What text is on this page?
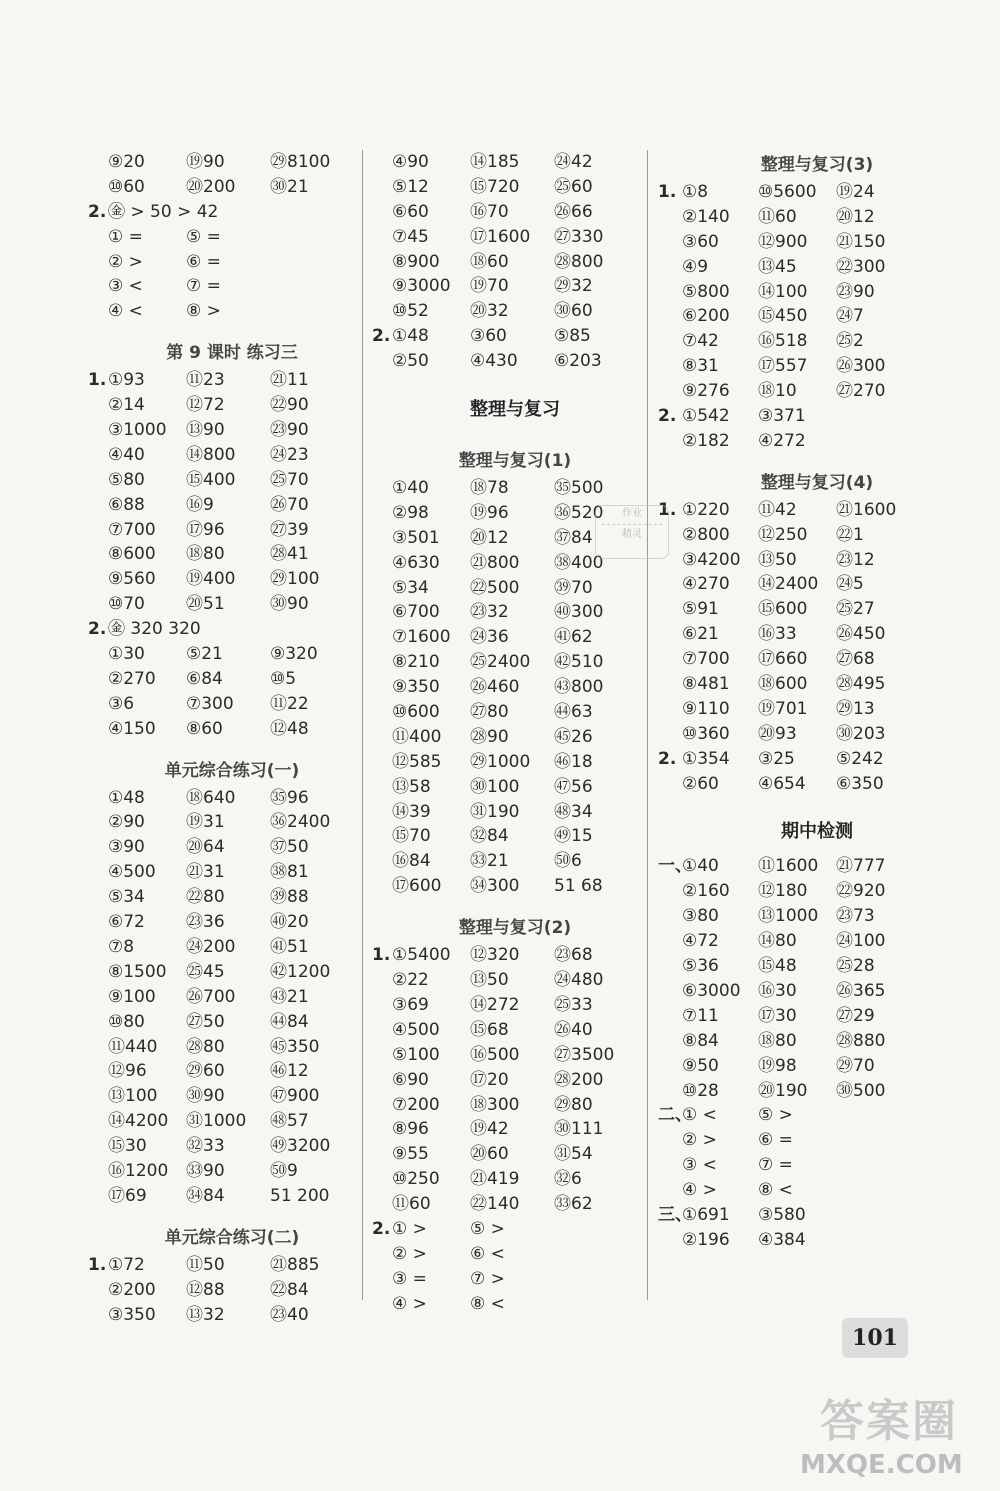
⑨20 ⑲90	㉙8100
⑩60 ⑳200 ㉚21
2. ㊎ > 50 > 42
① =	⑤ =
② >	⑥ =
③ <	⑦ =
④ <	⑧ >
第 9 课时 练习三
1. ①93 ⑪23	㉑11
②14 ⑫72	㉒90
③1000 ⑬90	㉓90
④40 ⑭800 ㉔23
⑤80 ⑮400 ㉕70
⑥88 ⑯9	㉖70
⑦700 ⑰96	㉗39
⑧600 ⑱80	㉘41
⑨560 ⑲400 ㉙100
⑩70 ⑳51	㉚90
2. ㊎ 320 320
①30 ⑤21	⑨320
②270 ⑥84	⑩5
③6	⑦300 ⑪22
④150 ⑧60	⑫48
单元综合练习(一)
①48 ⑱640 ㉟96
②90 ⑲31	㊱2400
③90 ⑳64	㊲50
④500 ㉑31	㊳81
⑤34 ㉒80	㊴88
⑥72 ㉓36	㊵20
⑦8	㉔200 ㊶51
⑧1500 ㉕45	㊷1200
⑨100 ㉖700 ㊸21
⑩80 ㉗50	㊹84
⑪440 ㉘80	㊺350
⑫96 ㉙60	㊻12
⑬100 ㉚90	㊼900
⑭4200 ㉛1000 ㊽57
⑮30 ㉜33	㊾3200
⑯1200 ㉝90	㊿9
⑰69 ㉞84	51 200
单元综合练习(二)
1. ①72 ⑪50	㉑885
②200 ⑫88	㉒84
③350 ⑬32	㉓40
④90 ⑭185 ㉔42
⑤12 ⑮720 ㉕60
⑥60 ⑯70	㉖66
⑦45 ⑰1600 ㉗330
⑧900 ⑱60	㉘800
⑨3000 ⑲70	㉙32
⑩52 ⑳32	㉚60
2. ①48 ③60	⑤85
②50 ④430 ⑥203
整理与复习
整理与复习(1)
①40 ⑱78	㉟500
②98 ⑲96	㊱520
③501 ⑳12	㊲84
④630 ㉑800 ㊳400
⑤34 ㉒500 ㊴70
⑥700 ㉓32	㊵300
⑦1600 ㉔36	㊶62
⑧210 ㉕2400 ㊷510
⑨350 ㉖460 ㊸800
⑩600 ㉗80	㊹63
⑪400 ㉘90	㊺26
⑫585 ㉙1000 ㊻18
⑬58 ㉚100 ㊼56
⑭39 ㉛190 ㊽34
⑮70 ㉜84	㊾15
⑯84 ㉝21	㊿6
⑰600 ㉞300 51 68
整理与复习(2)
1. ①5400 ⑫320 ㉓68
②22 ⑬50	㉔480
③69 ⑭272 ㉕33
④500 ⑮68	㉖40
⑤100 ⑯500 ㉗3500
⑥90 ⑰20	㉘200
⑦200 ⑱300 ㉙80
⑧96 ⑲42	㉚111
⑨55 ⑳60	㉛54
⑩250 ㉑419 ㉜6
⑪60 ㉒140 ㉝62
2. ① >	⑤ >
② >	⑥ <
③ =	⑦ >
④ >	⑧ <
整理与复习(3)
1. ①8	⑩5600 ⑲24
②140 ⑪60 ⑳12
③60 ⑫900 ㉑150
④9	⑬45 ㉒300
⑤800 ⑭100 ㉓90
⑥200 ⑮450 ㉔7
⑦42 ⑯518 ㉕2
⑧31 ⑰557 ㉖300
⑨276 ⑱10 ㉗270
2. ①542 ③371
②182 ④272
整理与复习(4)
1. ①220 ⑪42 ㉑1600
②800 ⑫250 ㉒1
③4200 ⑬50 ㉓12
④270 ⑭2400 ㉔5
⑤91 ⑮600 ㉕27
⑥21 ⑯33 ㉖450
⑦700 ⑰660 ㉗68
⑧481 ⑱600 ㉘495
⑨110 ⑲701 ㉙13
⑩360 ⑳93 ㉚203
2. ①354 ③25 ⑤242
②60 ④654 ⑥350
期中检测
一、
①40 ⑪1600 ㉑777
②160 ⑫180 ㉒920
③80 ⑬1000 ㉓73
④72 ⑭80 ㉔100
⑤36 ⑮48 ㉕28
⑥3000 ⑯30 ㉖365
⑦11 ⑰30 ㉗29
⑧84 ⑱80 ㉘880
⑨50 ⑲98 ㉙70
⑩28 ⑳190 ㉚500
二、
① < ⑤ >
② > ⑥ =
③ < ⑦ =
④ > ⑧ <
三、
①691 ③580
②196 ④384
作业
精灵
101
答案圈
MXQE.COM
